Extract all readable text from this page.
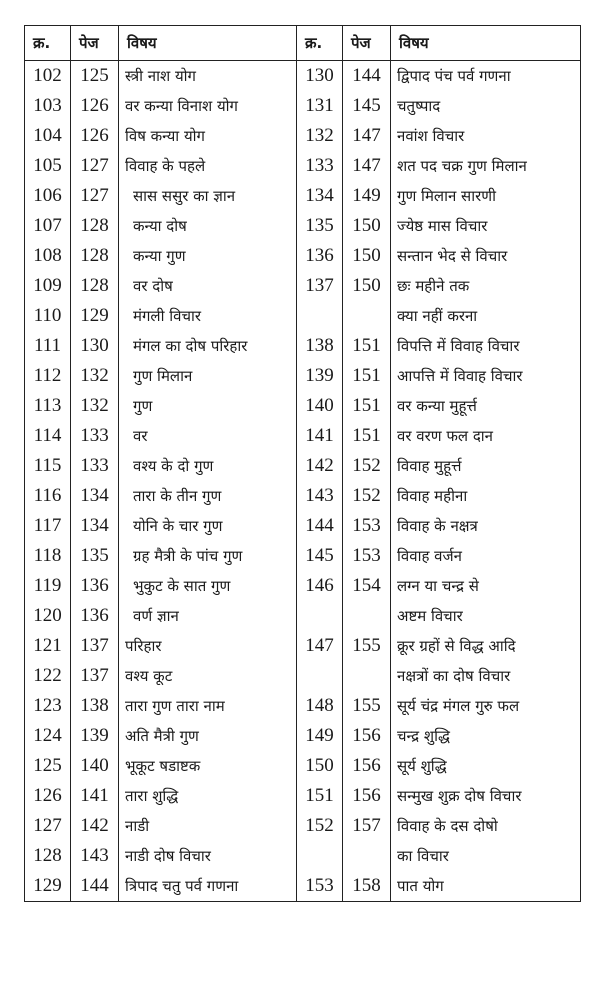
क्र.	पेज	विषय	क्र.	पेज	विषय
102	125	स्त्री नाश योग	130	144	द्विपाद पंच पर्व गणना
103	126	वर कन्या विनाश योग	131	145	चतुष्पाद
104	126	विष कन्या योग	132	147	नवांश विचार
105	127	विवाह के पहले	133	147	शत पद चक्र गुण मिलान
106	127	सास ससुर का ज्ञान	134	149	गुण मिलान सारणी
107	128	कन्या दोष	135	150	ज्येष्ठ मास विचार
108	128	कन्या गुण	136	150	सन्तान भेद से विचार
109	128	वर दोष	137	150	छः महीने तक
110	129	मंगली विचार			क्या नहीं करना
111	130	मंगल का दोष परिहार	138	151	विपत्ति में विवाह विचार
112	132	गुण मिलान	139	151	आपत्ति में विवाह विचार
113	132	गुण	140	151	वर कन्या मुहूर्त्त
114	133	वर	141	151	वर वरण फल दान
115	133	वश्य के दो गुण	142	152	विवाह मुहूर्त्त
116	134	तारा के तीन गुण	143	152	विवाह महीना
117	134	योनि के चार गुण	144	153	विवाह के नक्षत्र
118	135	ग्रह मैत्री के पांच गुण	145	153	विवाह वर्जन
119	136	भुकुट के सात गुण	146	154	लग्न या चन्द्र से
120	136	वर्ण ज्ञान			अष्टम विचार
121	137	परिहार	147	155	क्रूर ग्रहों से विद्ध आदि
122	137	वश्य कूट			नक्षत्रों का दोष विचार
123	138	तारा गुण तारा नाम	148	155	सूर्य चंद्र मंगल गुरु फल
124	139	अति मैत्री गुण	149	156	चन्द्र शुद्धि
125	140	भूकूट षडाष्टक	150	156	सूर्य शुद्धि
126	141	तारा शुद्धि	151	156	सन्मुख शुक्र दोष विचार
127	142	नाडी	152	157	विवाह के दस दोषो
128	143	नाडी दोष विचार			का विचार
129	144	त्रिपाद चतु पर्व गणना	153	158	पात योग
